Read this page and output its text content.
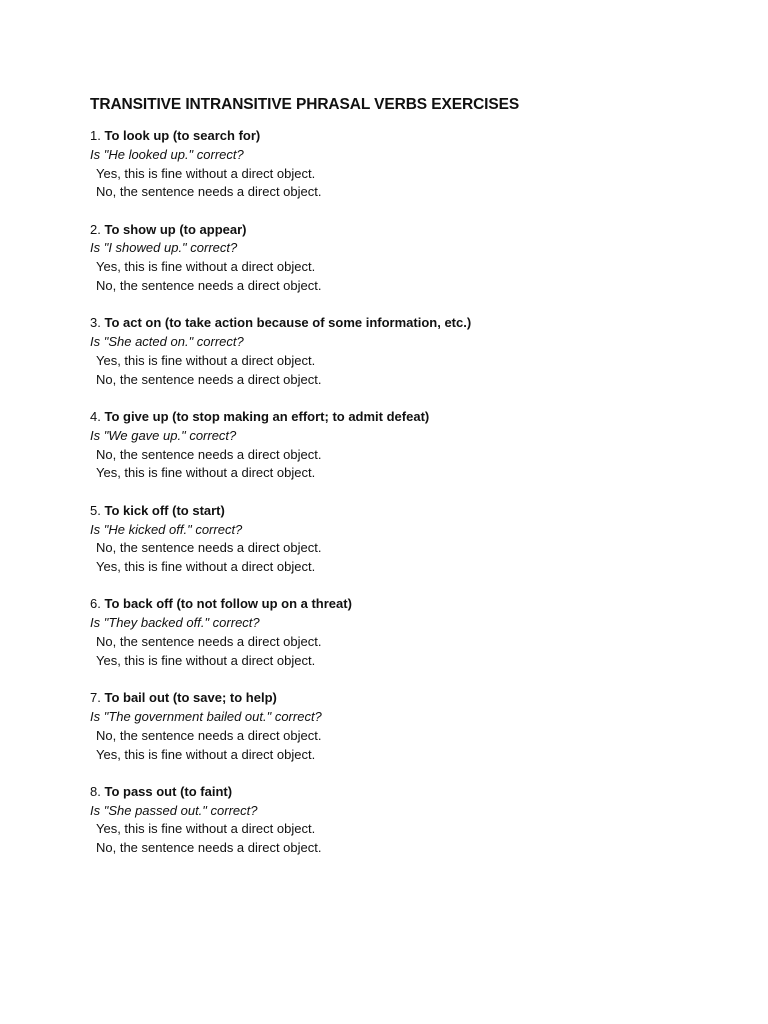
TRANSITIVE INTRANSITIVE PHRASAL VERBS EXERCISES
1. To look up (to search for)
Is "He looked up." correct?
Yes, this is fine without a direct object.
No, the sentence needs a direct object.
2. To show up (to appear)
Is "I showed up." correct?
Yes, this is fine without a direct object.
No, the sentence needs a direct object.
3. To act on (to take action because of some information, etc.)
Is "She acted on." correct?
Yes, this is fine without a direct object.
No, the sentence needs a direct object.
4. To give up (to stop making an effort; to admit defeat)
Is "We gave up." correct?
No, the sentence needs a direct object.
Yes, this is fine without a direct object.
5. To kick off (to start)
Is "He kicked off." correct?
No, the sentence needs a direct object.
Yes, this is fine without a direct object.
6. To back off (to not follow up on a threat)
Is "They backed off." correct?
No, the sentence needs a direct object.
Yes, this is fine without a direct object.
7. To bail out (to save; to help)
Is "The government bailed out." correct?
No, the sentence needs a direct object.
Yes, this is fine without a direct object.
8. To pass out (to faint)
Is "She passed out." correct?
Yes, this is fine without a direct object.
No, the sentence needs a direct object.
